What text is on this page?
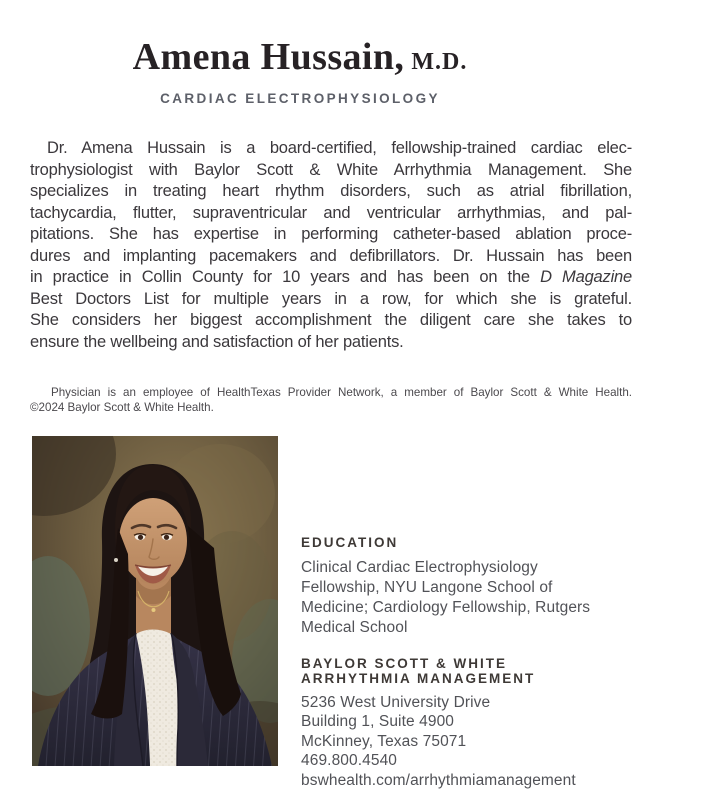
Amena Hussain, M.D.
CARDIAC ELECTROPHYSIOLOGY
Dr. Amena Hussain is a board-certified, fellowship-trained cardiac elec-
trophysiologist with Baylor Scott & White Arrhythmia Management. She
specializes in treating heart rhythm disorders, such as atrial fibrillation,
tachycardia, flutter, supraventricular and ventricular arrhythmias, and pal-
pitations. She has expertise in performing catheter-based ablation proce-
dures and implanting pacemakers and defibrillators. Dr. Hussain has been
in practice in Collin County for 10 years and has been on the D Magazine
Best Doctors List for multiple years in a row, for which she is grateful.
She considers her biggest accomplishment the diligent care she takes to
ensure the wellbeing and satisfaction of her patients.
Physician is an employee of HealthTexas Provider Network, a member of Baylor Scott & White Health.
©2024 Baylor Scott & White Health.
EDUCATION
Clinical Cardiac Electrophysiology
Fellowship, NYU Langone School of
Medicine; Cardiology Fellowship, Rutgers
Medical School
BAYLOR SCOTT & WHITE
ARRHYTHMIA MANAGEMENT
5236 West University Drive
Building 1, Suite 4900
McKinney, Texas 75071
469.800.4540
bswhealth.com/arrhythmiamanagement
